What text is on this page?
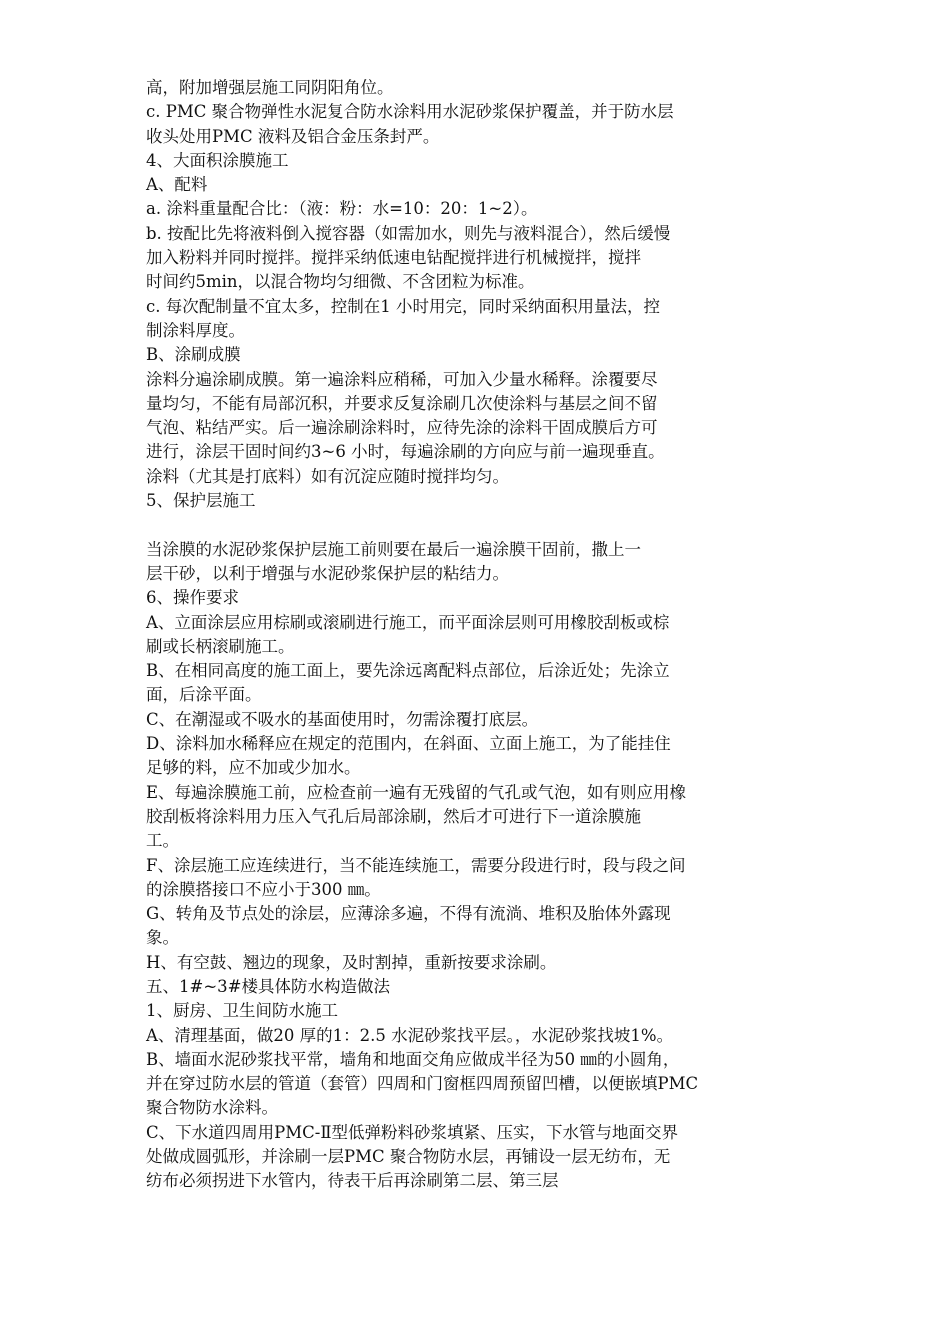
高，附加增强层施工同阴阳角位。
c. PMC 聚合物弹性水泥复合防水涂料用水泥砂浆保护覆盖，并于防水层
收头处用PMC 液料及铝合金压条封严。
4、大面积涂膜施工
A、配料
a. 涂料重量配合比：（液：粉：水=10：20：1~2）。
b. 按配比先将液料倒入搅容器（如需加水，则先与液料混合），然后缓慢
加入粉料并同时搅拌。搅拌采纳低速电钻配搅拌进行机械搅拌，搅拌
时间约5min，以混合物均匀细微、不含团粒为标准。
c. 每次配制量不宜太多，控制在1 小时用完，同时采纳面积用量法，控
制涂料厚度。
B、涂刷成膜
涂料分遍涂刷成膜。第一遍涂料应稍稀，可加入少量水稀释。涂覆要尽
量均匀，不能有局部沉积，并要求反复涂刷几次使涂料与基层之间不留
气泡、粘结严实。后一遍涂刷涂料时，应待先涂的涂料干固成膜后方可
进行，涂层干固时间约3~6 小时，每遍涂刷的方向应与前一遍现垂直。
涂料（尤其是打底料）如有沉淀应随时搅拌均匀。
5、保护层施工
当涂膜的水泥砂浆保护层施工前则要在最后一遍涂膜干固前，撒上一
层干砂，以利于增强与水泥砂浆保护层的粘结力。
6、操作要求
A、立面涂层应用棕刷或滚刷进行施工，而平面涂层则可用橡胶刮板或棕
刷或长柄滚刷施工。
B、在相同高度的施工面上，要先涂远离配料点部位，后涂近处；先涂立
面，后涂平面。
C、在潮湿或不吸水的基面使用时，勿需涂覆打底层。
D、涂料加水稀释应在规定的范围内，在斜面、立面上施工，为了能挂住
足够的料，应不加或少加水。
E、每遍涂膜施工前，应检查前一遍有无残留的气孔或气泡，如有则应用橡
胶刮板将涂料用力压入气孔后局部涂刷，然后才可进行下一道涂膜施
工。
F、涂层施工应连续进行，当不能连续施工，需要分段进行时，段与段之间
的涂膜搭接口不应小于300 ㎜。
G、转角及节点处的涂层，应薄涂多遍，不得有流淌、堆积及胎体外露现
象。
H、有空鼓、翘边的现象，及时割掉，重新按要求涂刷。
五、1#~3#楼具体防水构造做法
1、厨房、卫生间防水施工
A、清理基面，做20 厚的1：2.5 水泥砂浆找平层。，水泥砂浆找坡1%。
B、墙面水泥砂浆找平常，墙角和地面交角应做成半径为50 ㎜的小圆角，
并在穿过防水层的管道（套管）四周和门窗框四周预留凹槽，以便嵌填PMC
聚合物防水涂料。
C、下水道四周用PMC-Ⅱ型低弹粉料砂浆填紧、压实，下水管与地面交界
处做成圆弧形，并涂刷一层PMC 聚合物防水层，再铺设一层无纺布，无
纺布必须拐进下水管内，待表干后再涂刷第二层、第三层
